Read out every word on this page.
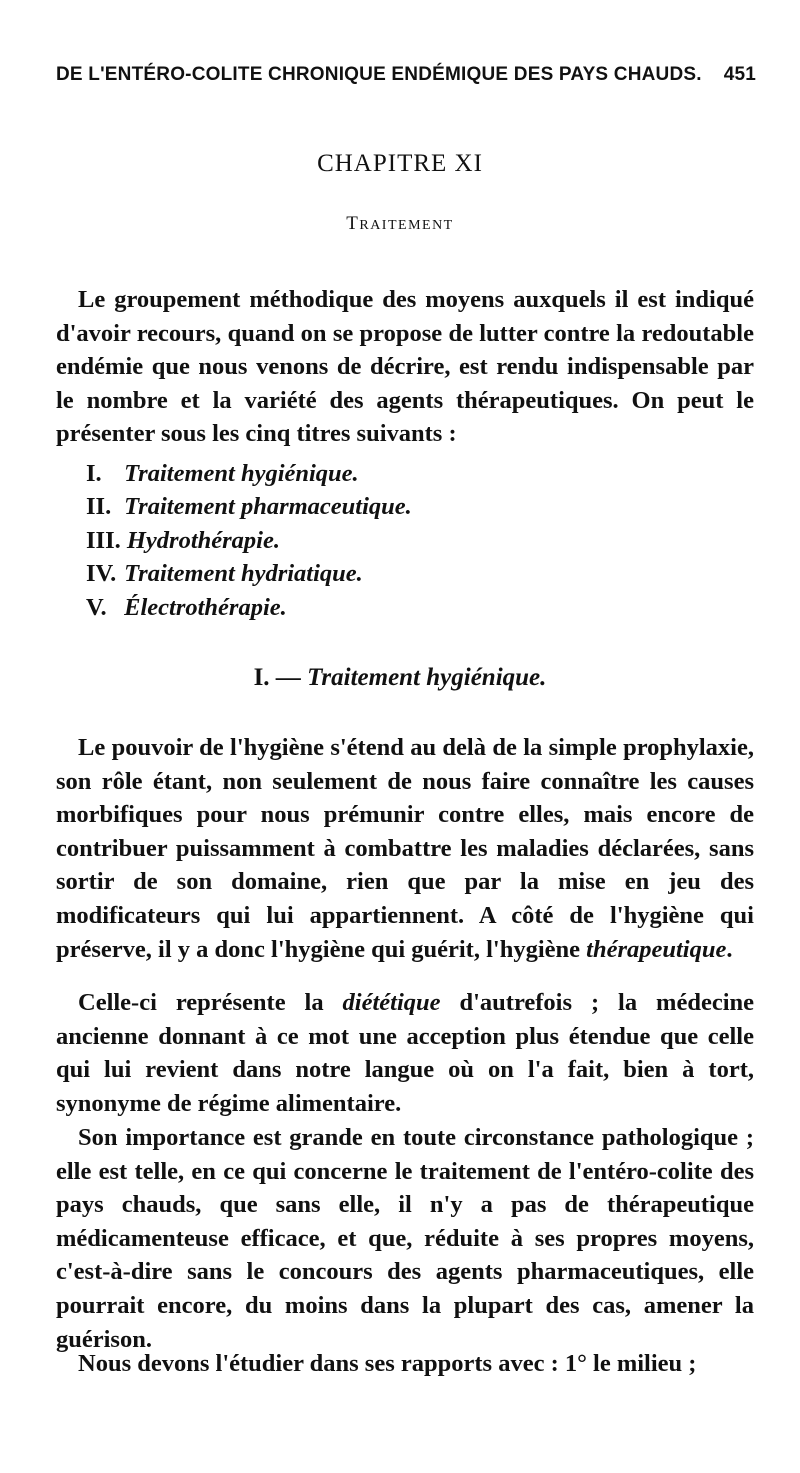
DE L'ENTÉRO-COLITE CHRONIQUE ENDÉMIQUE DES PAYS CHAUDS. 451
CHAPITRE XI
TRAITEMENT

Le groupement méthodique des moyens auxquels il est indiqué d'avoir recours, quand on se propose de lutter contre la redoutable endémie que nous venons de décrire, est rendu indispensable par le nombre et la variété des agents thérapeutiques. On peut le présenter sous les cinq titres suivants :

I. Traitement hygiénique.
II. Traitement pharmaceutique.
III. Hydrothérapie.
IV. Traitement hydriatique.
V. Électrothérapie.
I. — Traitement hygiénique.

Le pouvoir de l'hygiène s'étend au delà de la simple prophylaxie, son rôle étant, non seulement de nous faire connaître les causes morbifiques pour nous prémunir contre elles, mais encore de contribuer puissamment à combattre les maladies déclarées, sans sortir de son domaine, rien que par la mise en jeu des modificateurs qui lui appartiennent. A côté de l'hygiène qui préserve, il y a donc l'hygiène qui guérit, l'hygiène thérapeutique.

Celle-ci représente la diététique d'autrefois ; la médecine ancienne donnant à ce mot une acception plus étendue que celle qui lui revient dans notre langue où on l'a fait, bien à tort, synonyme de régime alimentaire.

Son importance est grande en toute circonstance pathologique ; elle est telle, en ce qui concerne le traitement de l'entéro-colite des pays chauds, que sans elle, il n'y a pas de thérapeutique médicamenteuse efficace, et que, réduite à ses propres moyens, c'est-à-dire sans le concours des agents pharmaceutiques, elle pourrait encore, du moins dans la plupart des cas, amener la guérison.

Nous devons l'étudier dans ses rapports avec : 1° le milieu ;
